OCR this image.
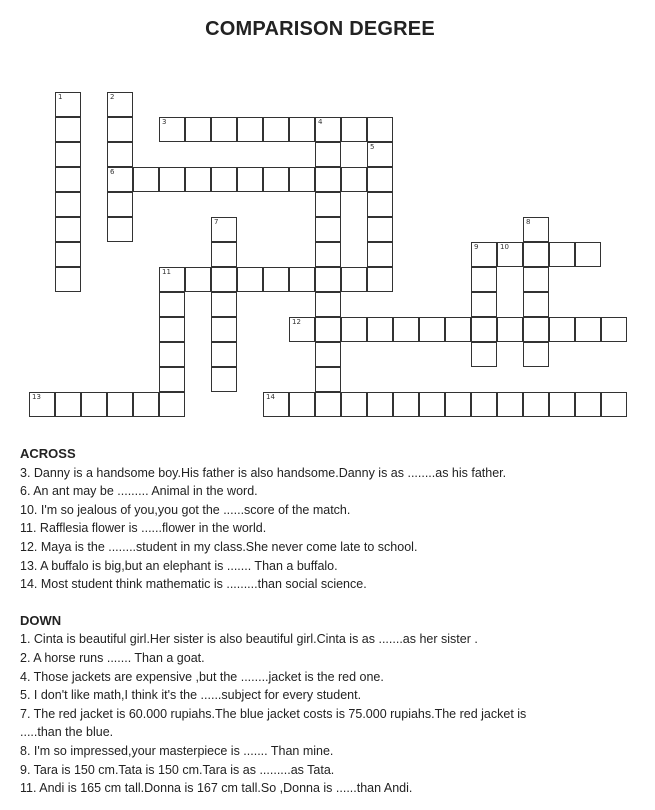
COMPARISON DEGREE
1	2
6
3	4
7
5
11
13
12
14
9
8
10
ACROSS
3. Danny is a handsome boy.His father is also handsome.Danny is as ........as his father.
6. An ant may be ......... Animal in the word.
10. I'm so jealous of you,you got the ......score of the match.
11. Rafflesia flower is ......flower in the world.
12. Maya is the ........student in my class.She never come late to school.
13. A buffalo is big,but an elephant is ....... Than a buffalo.
14. Most student think mathematic is .........than social science.
DOWN
1. Cinta is beautiful girl.Her sister is also beautiful girl.Cinta is as .......as her sister .
2. A horse runs ....... Than a goat.
4. Those jackets are expensive ,but the ........jacket is the red one.
5. I don't like math,I think it's the ......subject for every student.
7. The red jacket is 60.000 rupiahs.The blue jacket costs is 75.000 rupiahs.The red jacket is
.....than the blue.
8. I'm so impressed,your masterpiece is ....... Than mine.
9. Tara is 150 cm.Tata is 150 cm.Tara is as .........as Tata.
11. Andi is 165 cm tall.Donna is 167 cm tall.So ,Donna is ......than Andi.
